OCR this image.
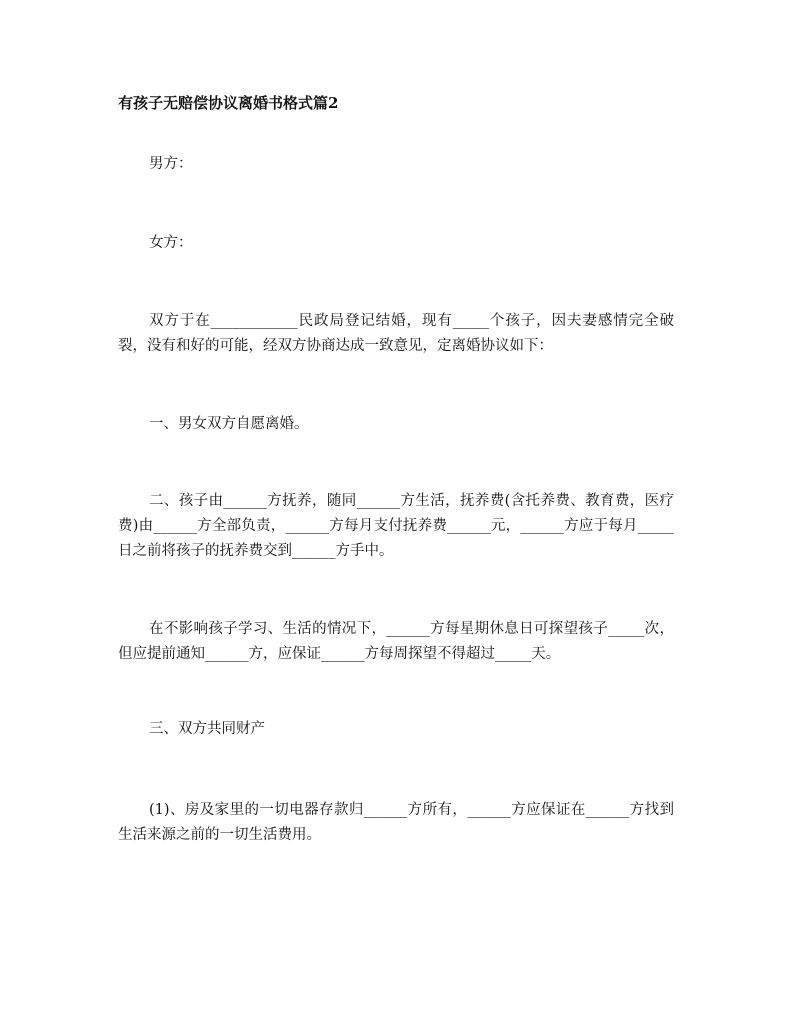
有孩子无赔偿协议离婚书格式篇2

男方：

女方：

双方于在____________民政局登记结婚，现有_____个孩子，因夫妻感情完全破裂，没有和好的可能，经双方协商达成一致意见，定离婚协议如下：

一、男女双方自愿离婚。

二、孩子由______方抚养，随同______方生活，抚养费(含托养费、教育费，医疗费)由______方全部负责，______方每月支付抚养费______元，______方应于每月_____日之前将孩子的抚养费交到______方手中。

在不影响孩子学习、生活的情况下，______方每星期休息日可探望孩子_____次，但应提前通知______方，应保证______方每周探望不得超过_____天。

三、双方共同财产

(1)、房及家里的一切电器存款归______方所有，______方应保证在______方找到生活来源之前的一切生活费用。
